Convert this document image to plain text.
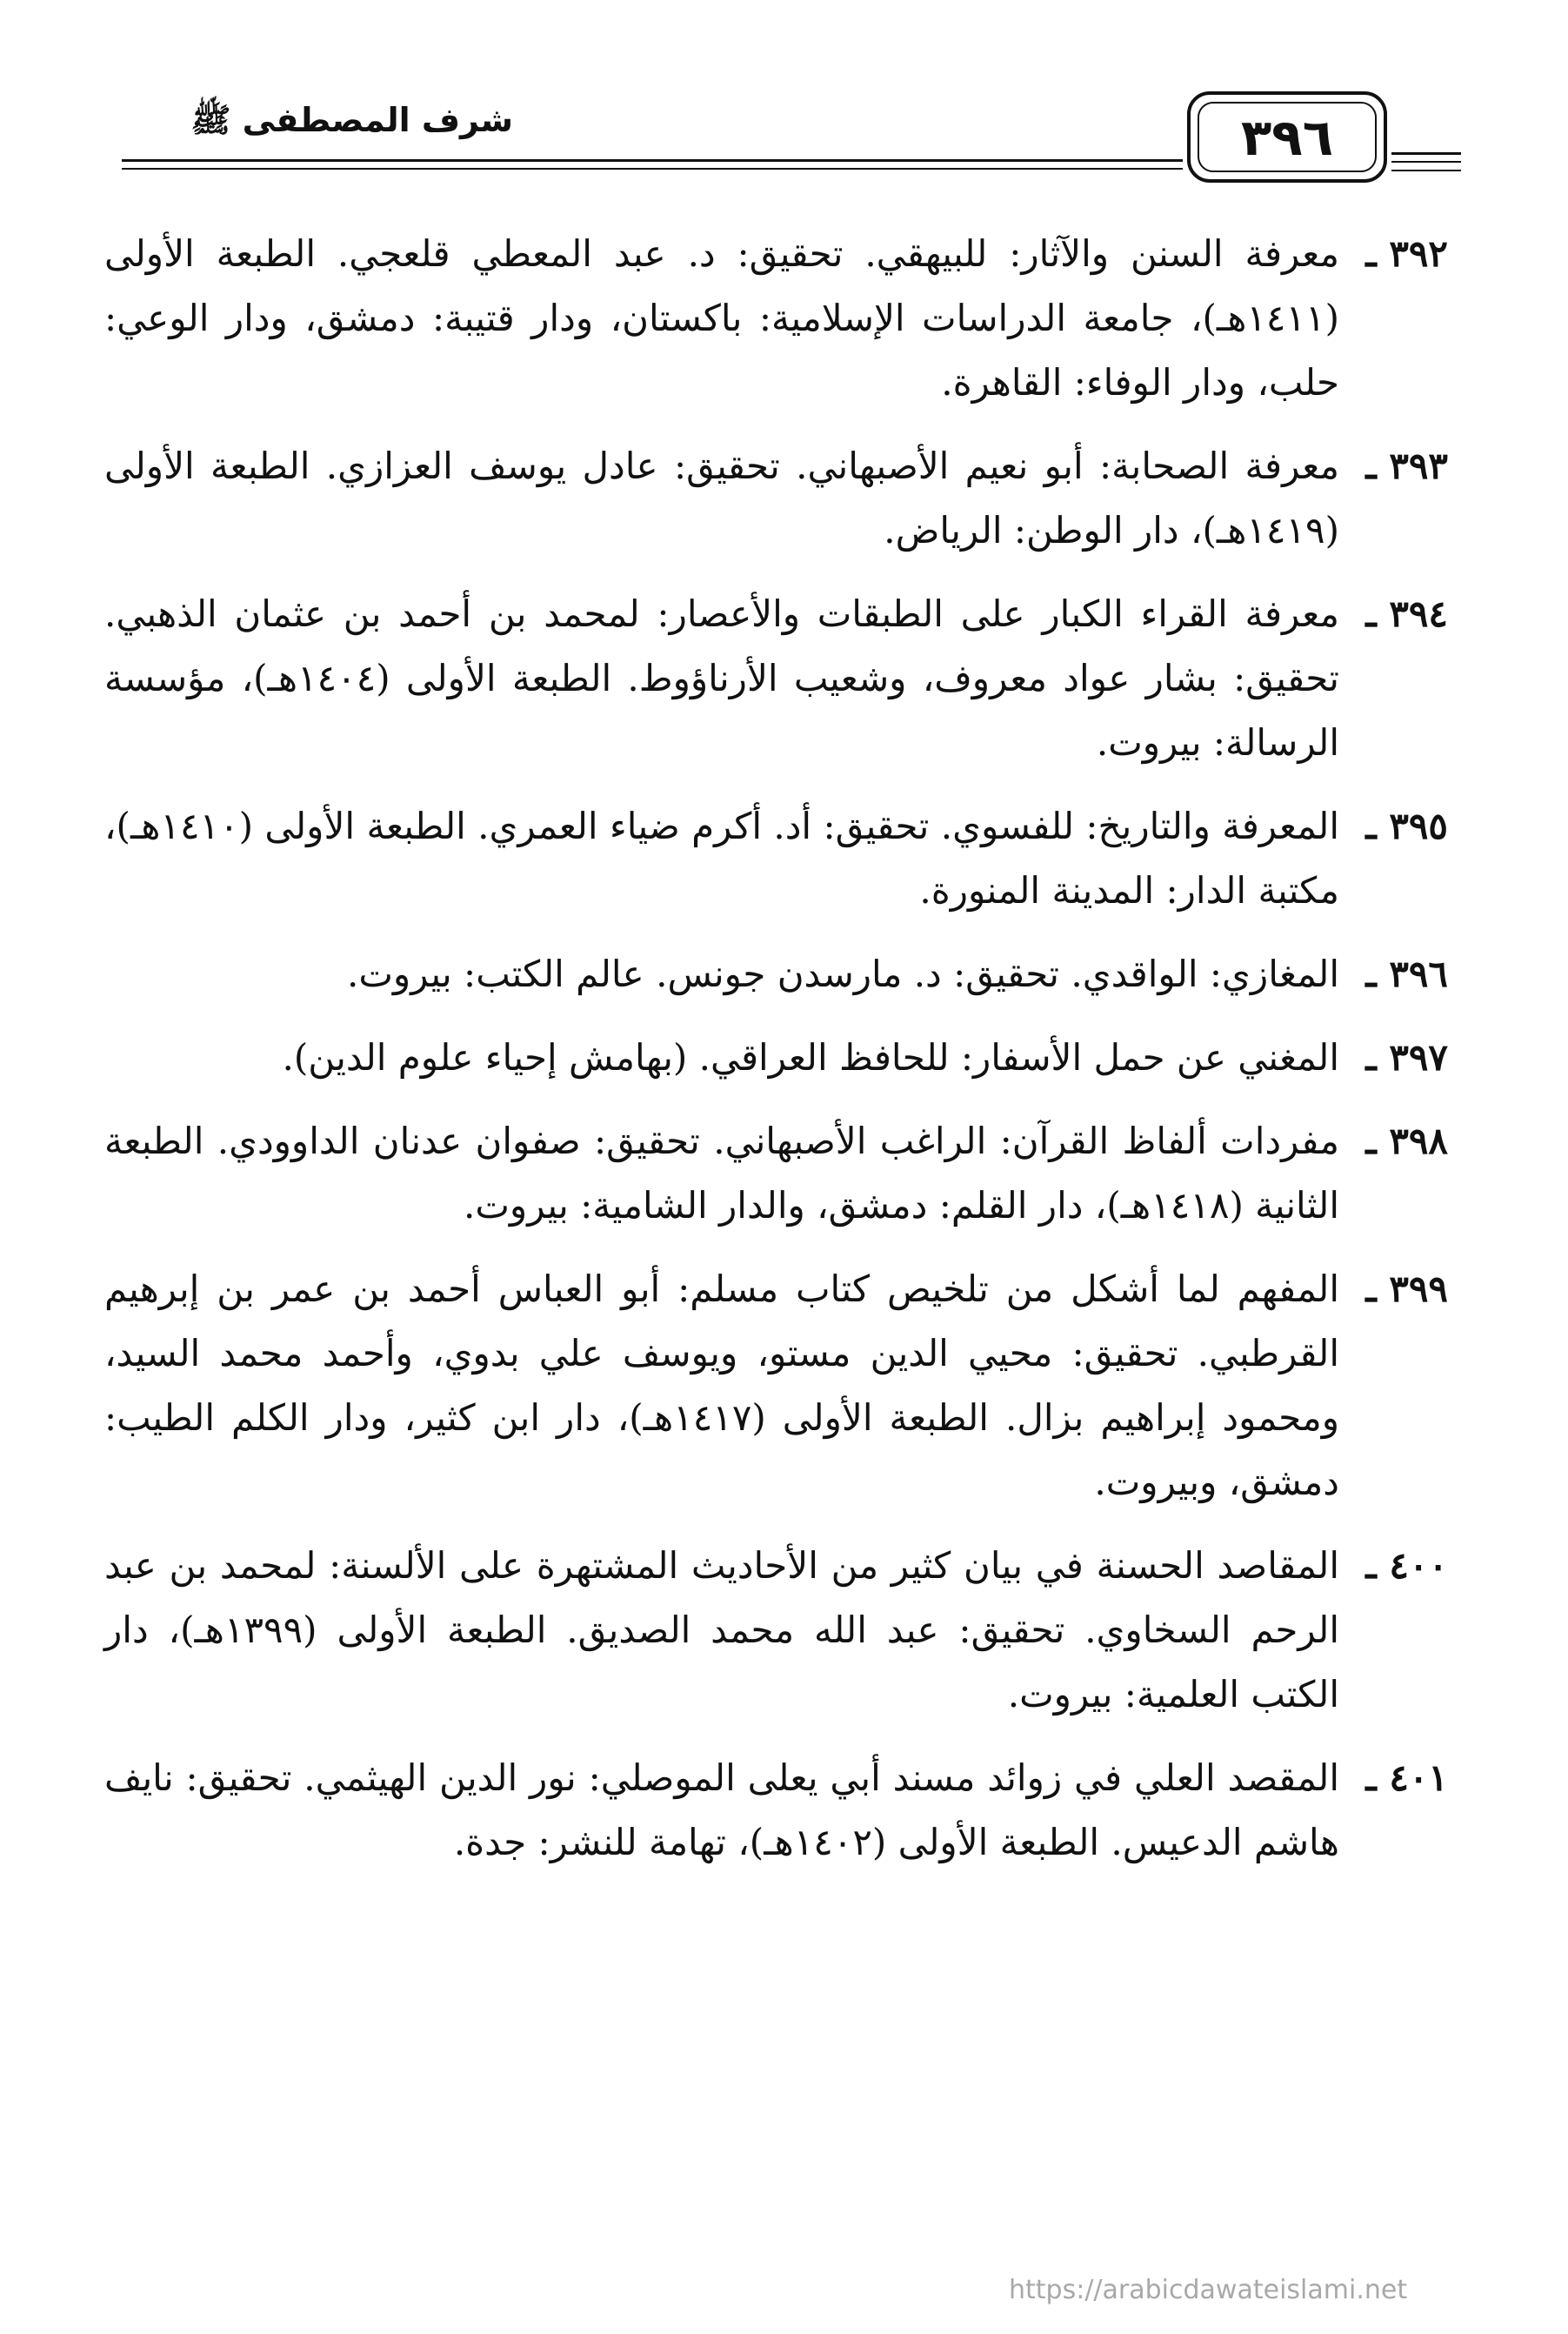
شرف المصطفى ﷺ	٣٩٦
٣٩٢ ـ
معرفة السنن والآثار: للبيهقي. تحقيق: د. عبد المعطي قلعجي. الطبعة الأولى (١٤١١هـ)، جامعة الدراسات الإسلامية: باكستان، ودار قتيبة: دمشق، ودار الوعي: حلب، ودار الوفاء: القاهرة.
٣٩٣ ـ
معرفة الصحابة: أبو نعيم الأصبهاني. تحقيق: عادل يوسف العزازي. الطبعة الأولى (١٤١٩هـ)، دار الوطن: الرياض.
٣٩٤ ـ
معرفة القراء الكبار على الطبقات والأعصار: لمحمد بن أحمد بن عثمان الذهبي. تحقيق: بشار عواد معروف، وشعيب الأرناؤوط. الطبعة الأولى (١٤٠٤هـ)، مؤسسة الرسالة: بيروت.
٣٩٥ ـ
المعرفة والتاريخ: للفسوي. تحقيق: أد. أكرم ضياء العمري. الطبعة الأولى (١٤١٠هـ)، مكتبة الدار: المدينة المنورة.
٣٩٦ ـ
المغازي: الواقدي. تحقيق: د. مارسدن جونس. عالم الكتب: بيروت.
٣٩٧ ـ
المغني عن حمل الأسفار: للحافظ العراقي. (بهامش إحياء علوم الدين).
٣٩٨ ـ
مفردات ألفاظ القرآن: الراغب الأصبهاني. تحقيق: صفوان عدنان الداوودي. الطبعة الثانية (١٤١٨هـ)، دار القلم: دمشق، والدار الشامية: بيروت.
٣٩٩ ـ
المفهم لما أشكل من تلخيص كتاب مسلم: أبو العباس أحمد بن عمر بن إبرهيم القرطبي. تحقيق: محيي الدين مستو، ويوسف علي بدوي، وأحمد محمد السيد، ومحمود إبراهيم بزال. الطبعة الأولى (١٤١٧هـ)، دار ابن كثير، ودار الكلم الطيب: دمشق، وبيروت.
٤٠٠ ـ
المقاصد الحسنة في بيان كثير من الأحاديث المشتهرة على الألسنة: لمحمد بن عبد الرحم السخاوي. تحقيق: عبد الله محمد الصديق. الطبعة الأولى (١٣٩٩هـ)، دار الكتب العلمية: بيروت.
٤٠١ ـ
المقصد العلي في زوائد مسند أبي يعلى الموصلي: نور الدين الهيثمي. تحقيق: نايف هاشم الدعيس. الطبعة الأولى (١٤٠٢هـ)، تهامة للنشر: جدة.
https://arabicdawateislami.net
